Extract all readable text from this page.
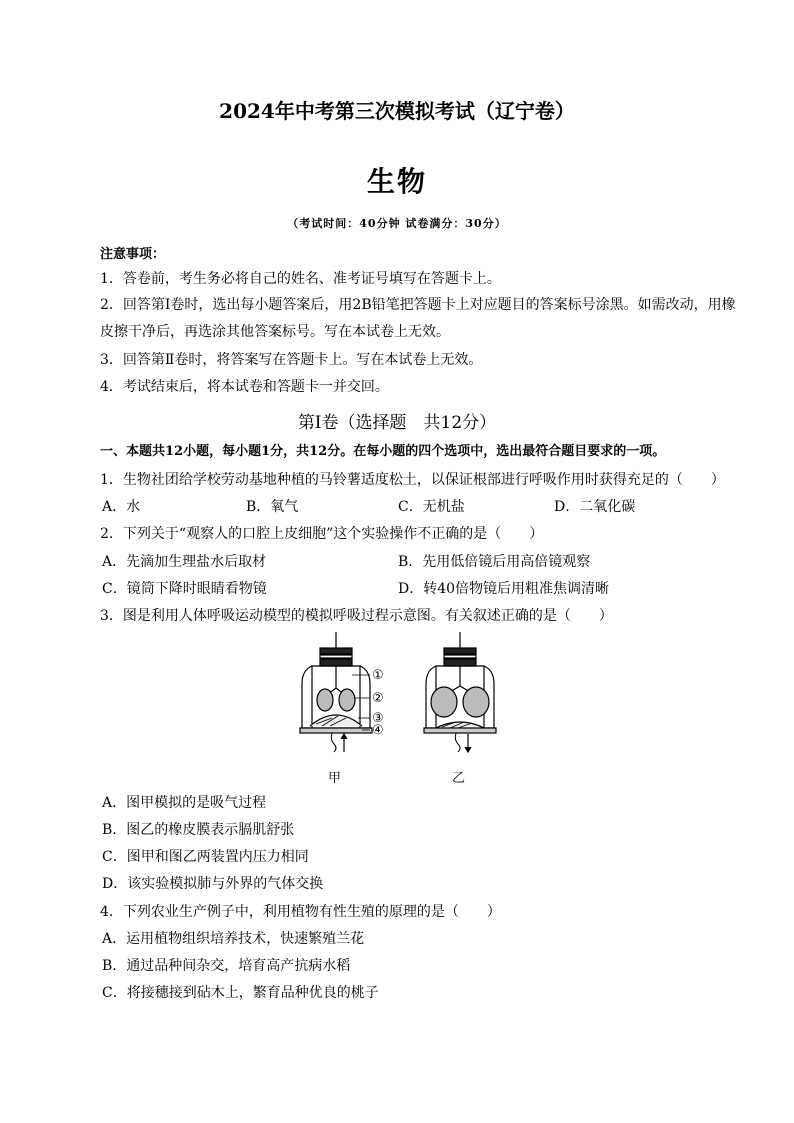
2024年中考第三次模拟考试（辽宁卷）
生物
（考试时间：40分钟 试卷满分：30分）
注意事项：
1．答卷前，考生务必将自己的姓名、准考证号填写在答题卡上。
2．回答第Ⅰ卷时，选出每小题答案后，用2B铅笔把答题卡上对应题目的答案标号涂黑。如需改动，用橡
皮擦干净后，再选涂其他答案标号。写在本试卷上无效。
3．回答第Ⅱ卷时，将答案写在答题卡上。写在本试卷上无效。
4．考试结束后，将本试卷和答题卡一并交回。
第Ⅰ卷（选择题　共12分）
一、本题共12小题，每小题1分，共12分。在每小题的四个选项中，选出最符合题目要求的一项。
1．生物社团给学校劳动基地种植的马铃薯适度松土，以保证根部进行呼吸作用时获得充足的（　　）
A．水	B．氧气	C．无机盐	D．二氧化碳
2．下列关于“观察人的口腔上皮细胞”这个实验操作不正确的是（　　）
A．先滴加生理盐水后取材	B．先用低倍镜后用高倍镜观察
C．镜筒下降时眼睛看物镜	D．转40倍物镜后用粗准焦调清晰
3．图是利用人体呼吸运动模型的模拟呼吸过程示意图。有关叙述正确的是（　　）
①
②
③
④
甲	乙
A．图甲模拟的是吸气过程
B．图乙的橡皮膜表示膈肌舒张
C．图甲和图乙两装置内压力相同
D．该实验模拟肺与外界的气体交换
4．下列农业生产例子中，利用植物有性生殖的原理的是（　　）
A．运用植物组织培养技术，快速繁殖兰花
B．通过品种间杂交，培育高产抗病水稻
C．将接穗接到砧木上，繁育品种优良的桃子
